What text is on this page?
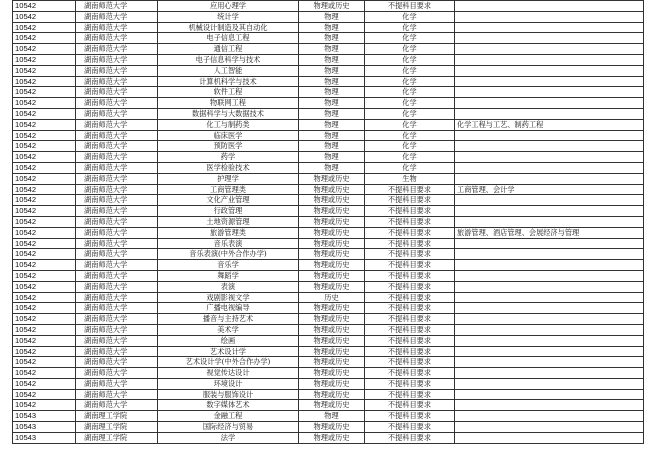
10542	湖南师范大学	应用心理学	物理或历史	不提科目要求	
10542	湖南师范大学	统计学	物理	化学	
10542	湖南师范大学	机械设计制造及其自动化	物理	化学	
10542	湖南师范大学	电子信息工程	物理	化学	
10542	湖南师范大学	通信工程	物理	化学	
10542	湖南师范大学	电子信息科学与技术	物理	化学	
10542	湖南师范大学	人工智能	物理	化学	
10542	湖南师范大学	计算机科学与技术	物理	化学	
10542	湖南师范大学	软件工程	物理	化学	
10542	湖南师范大学	物联网工程	物理	化学	
10542	湖南师范大学	数据科学与大数据技术	物理	化学	
10542	湖南师范大学	化工与制药类	物理	化学	化学工程与工艺、制药工程
10542	湖南师范大学	临床医学	物理	化学	
10542	湖南师范大学	预防医学	物理	化学	
10542	湖南师范大学	药学	物理	化学	
10542	湖南师范大学	医学检验技术	物理	化学	
10542	湖南师范大学	护理学	物理或历史	生物	
10542	湖南师范大学	工商管理类	物理或历史	不提科目要求	工商管理、会计学
10542	湖南师范大学	文化产业管理	物理或历史	不提科目要求	
10542	湖南师范大学	行政管理	物理或历史	不提科目要求	
10542	湖南师范大学	土地资源管理	物理或历史	不提科目要求	
10542	湖南师范大学	旅游管理类	物理或历史	不提科目要求	旅游管理、酒店管理、会展经济与管理
10542	湖南师范大学	音乐表演	物理或历史	不提科目要求	
10542	湖南师范大学	音乐表演(中外合作办学)	物理或历史	不提科目要求	
10542	湖南师范大学	音乐学	物理或历史	不提科目要求	
10542	湖南师范大学	舞蹈学	物理或历史	不提科目要求	
10542	湖南师范大学	表演	物理或历史	不提科目要求	
10542	湖南师范大学	戏剧影视文学	历史	不提科目要求	
10542	湖南师范大学	广播电视编导	物理或历史	不提科目要求	
10542	湖南师范大学	播音与主持艺术	物理或历史	不提科目要求	
10542	湖南师范大学	美术学	物理或历史	不提科目要求	
10542	湖南师范大学	绘画	物理或历史	不提科目要求	
10542	湖南师范大学	艺术设计学	物理或历史	不提科目要求	
10542	湖南师范大学	艺术设计学(中外合作办学)	物理或历史	不提科目要求	
10542	湖南师范大学	视觉传达设计	物理或历史	不提科目要求	
10542	湖南师范大学	环境设计	物理或历史	不提科目要求	
10542	湖南师范大学	服装与服饰设计	物理或历史	不提科目要求	
10542	湖南师范大学	数字媒体艺术	物理或历史	不提科目要求	
10543	湖南理工学院	金融工程	物理	不提科目要求	
10543	湖南理工学院	国际经济与贸易	物理或历史	不提科目要求	
10543	湖南理工学院	法学	物理或历史	不提科目要求	
